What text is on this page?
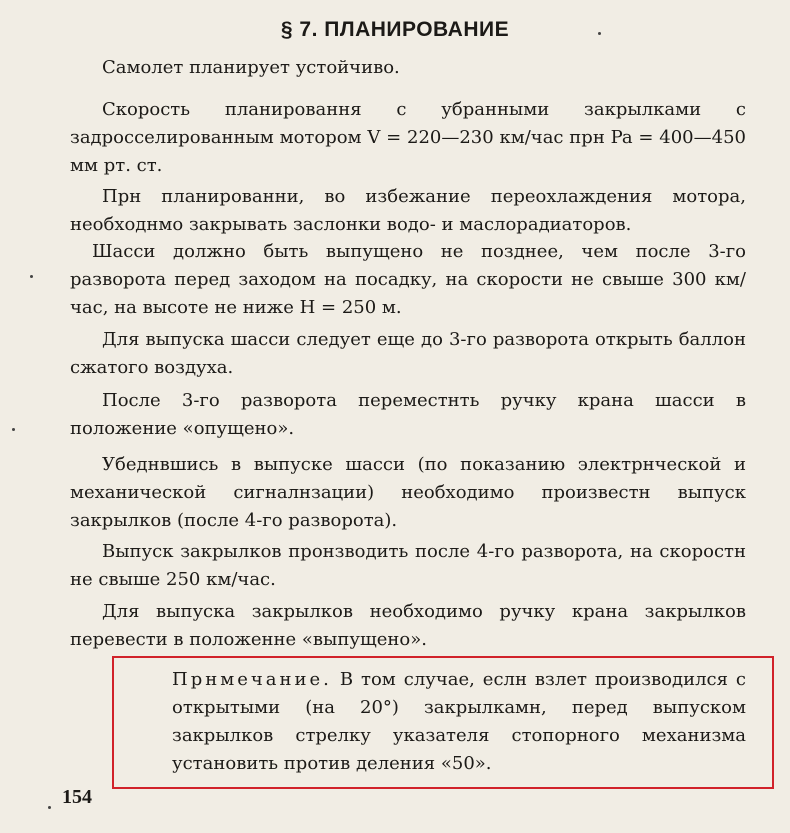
§ 7. ПЛАНИРОВАНИЕ

Самолет планирует устойчиво.

Скорость планировання с убранными закрылками с задросселированным мотором V = 220—230 км/час прн Pa = 400—450 мм рт. ст.

Прн планированни, во избежание переохлаждения мотора, необходнмо закрывать заслонки водо- и маслорадиаторов.

Шасси должно быть выпущено не позднее, чем после 3-го разворота перед заходом на посадку, на скорости не свыше 300 км/час, на высоте не ниже H = 250 м.

Для выпуска шасси следует еще до 3-го разворота открыть баллон сжатого воздуха.

После 3-го разворота переместнть ручку крана шасси в положение «опущено».

Убеднвшись в выпуске шасси (по показанию электрнческой и механической сигналнзации) необходимо произвестн выпуск закрылков (после 4-го разворота).

Выпуск закрылков пронзводить после 4-го разворота, на скоростн не свыше 250 км/час.

Для выпуска закрылков необходимо ручку крана закрылков перевести в положенне «выпущено».

Прнмечание. В том случае, еслн взлет производился с открытыми (на 20°) закрылкамн, перед выпуском закрылков стрелку указателя стопорного механизма установить против деления «50».

154
